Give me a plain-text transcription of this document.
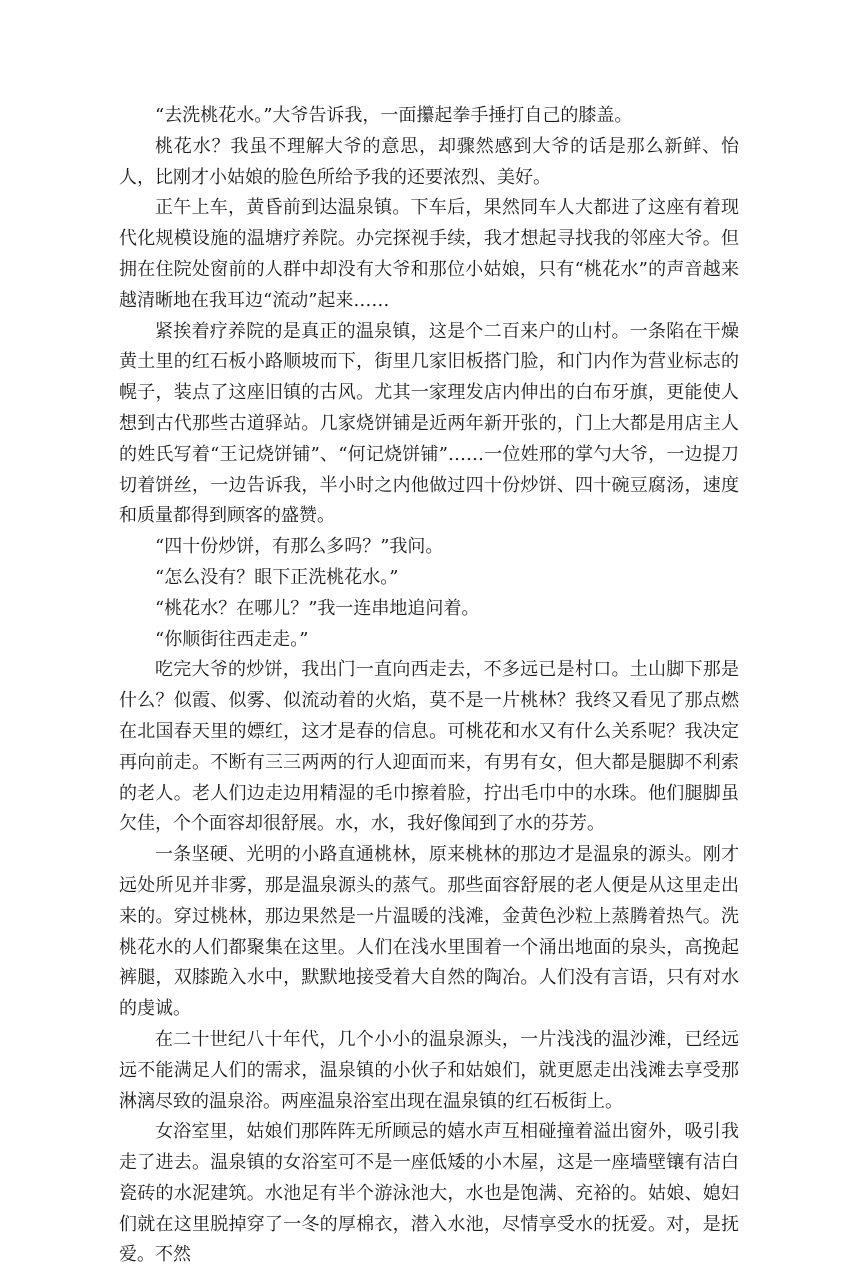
“去洗桃花水。”大爷告诉我，一面攥起拳手捶打自己的膝盖。

桃花水？我虽不理解大爷的意思，却骤然感到大爷的话是那么新鲜、怡人，比刚才小姑娘的脸色所给予我的还要浓烈、美好。

正午上车，黄昏前到达温泉镇。下车后，果然同车人大都进了这座有着现代化规模设施的温塘疗养院。办完探视手续，我才想起寻找我的邻座大爷。但拥在住院处窗前的人群中却没有大爷和那位小姑娘，只有“桃花水”的声音越来越清晰地在我耳边“流动”起来……

紧挨着疗养院的是真正的温泉镇，这是个二百来户的山村。一条陷在干燥黄土里的红石板小路顺坡而下，街里几家旧板搭门脸，和门内作为营业标志的幌子，装点了这座旧镇的古风。尤其一家理发店内伸出的白布牙旗，更能使人想到古代那些古道驿站。几家烧饼铺是近两年新开张的，门上大都是用店主人的姓氏写着“王记烧饼铺”、“何记烧饼铺”……一位姓邢的掌勺大爷，一边提刀切着饼丝，一边告诉我，半小时之内他做过四十份炒饼、四十碗豆腐汤，速度和质量都得到顾客的盛赞。

“四十份炒饼，有那么多吗？”我问。

“怎么没有？眼下正洗桃花水。”

“桃花水？在哪儿？”我一连串地追问着。

“你顺街往西走走。”

吃完大爷的炒饼，我出门一直向西走去，不多远已是村口。土山脚下那是什么？似霞、似雾、似流动着的火焰，莫不是一片桃林？我终又看见了那点燃在北国春天里的嫖红，这才是春的信息。可桃花和水又有什么关系呢？我决定再向前走。不断有三三两两的行人迎面而来，有男有女，但大都是腿脚不利索的老人。老人们边走边用精湿的毛巾擦着脸，拧出毛巾中的水珠。他们腿脚虽欠佳，个个面容却很舒展。水，水，我好像闻到了水的芬芳。

一条坚硬、光明的小路直通桃林，原来桃林的那边才是温泉的源头。刚才远处所见并非雾，那是温泉源头的蒸气。那些面容舒展的老人便是从这里走出来的。穿过桃林，那边果然是一片温暖的浅滩，金黄色沙粒上蒸腾着热气。洗桃花水的人们都聚集在这里。人们在浅水里围着一个涌出地面的泉头，高挽起裤腿，双膝跪入水中，默默地接受着大自然的陶冶。人们没有言语，只有对水的虔诚。

在二十世纪八十年代，几个小小的温泉源头，一片浅浅的温沙滩，已经远远不能满足人们的需求，温泉镇的小伙子和姑娘们，就更愿走出浅滩去享受那淋漓尽致的温泉浴。两座温泉浴室出现在温泉镇的红石板街上。

女浴室里，姑娘们那阵阵无所顾忌的嬉水声互相碰撞着溢出窗外，吸引我走了进去。温泉镇的女浴室可不是一座低矮的小木屋，这是一座墙壁镶有洁白瓷砖的水泥建筑。水池足有半个游泳池大，水也是饱满、充裕的。姑娘、媳妇们就在这里脱掉穿了一冬的厚棉衣，潜入水池，尽情享受水的抚爱。对，是抚爱。不然
